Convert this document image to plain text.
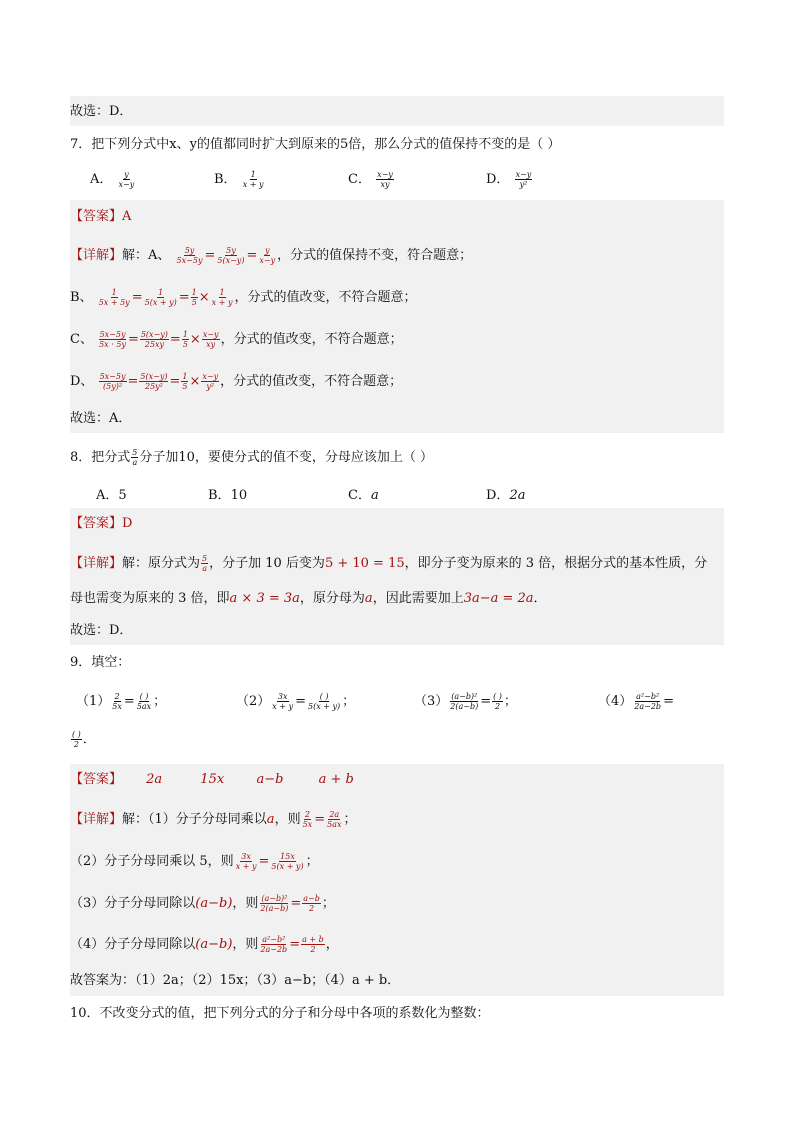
故选：D．
7．把下列分式中x、y的值都同时扩大到原来的5倍，那么分式的值保持不变的是（ ）
A． $\frac{y}{x-y}$	B． $\frac{1}{x + y}$	C． $\frac{x-y}{xy}$	D． $\frac{x-y}{\text{y²}}$
【答案】A
【详解】解：A、 $\frac{5y}{5x-5y} = \frac{5y}{5(x-y)} = \frac{y}{x-y}$ ，分式的值保持不变，符合题意；
B、 $\frac{1}{5x + 5y} = \frac{1}{5(x + y)} = \frac{1}{5} \times \frac{1}{x + y}$ ，分式的值改变，不符合题意；
C、 $\frac{5x-5y}{5x \cdot 5y} = \frac{5(x-y)}{25xy} = \frac{1}{5} \times \frac{x-y}{xy}$ ，分式的值改变，不符合题意；
D、 $\frac{5x-5y}{\text{(5y)²}} = \frac{5(x-y)}{\text{25y²}} = \frac{1}{5} \times \frac{x-y}{\text{y²}}$ ，分式的值改变，不符合题意；
故选：A．
8．把分式 $\frac{5}{a}$ 分子加10，要使分式的值不变，分母应该加上（ ）
A．5	B．10	C．a	D．2a
【答案】D
【详解】解：原分式为 $\frac{5}{a}$ ，分子加 10 后变为5 + 10 = 15，即分子变为原来的 3 倍，根据分式的基本性质，分
母也需变为原来的 3 倍，即a × 3 = 3a，原分母为a，因此需要加上3a−a = 2a．
故选：D．
9．填空：
$(1) \frac{2}{5x} = \frac{( )}{5ax}$ ；	$(2) \frac{3x}{x + y} = \frac{( )}{5(x + y)}$ ；	$(3) \frac{\text{(a−b)²}}{2(a-b)} = \frac{( )}{2}$ ；	$(4) \frac{\text{a²−b²}}{2a-2b}$ =
$\frac{( )}{2}$ ．
【答案】 2a	15x a−b	a + b
【详解】解：（1）分子分母同乘以a，则 $\frac{2}{5x} = \frac{2a}{5ax}$ ；
（2）分子分母同乘以 5，则 $\frac{3x}{x + y} = \frac{15x}{5(x + y)}$ ；
（3）分子分母同除以(a−b)，则 $\frac{\text{(a−b)²}}{2(a-b)} = \frac{a-b}{2}$ ；
（4）分子分母同除以(a−b)，则 $\frac{\text{a²−b²}}{2a-2b} = \frac{a + b}{2}$ ，
故答案为：（1）2a；（2）15x；（3）a−b；（4）a + b．
10．不改变分式的值，把下列分式的分子和分母中各项的系数化为整数：
